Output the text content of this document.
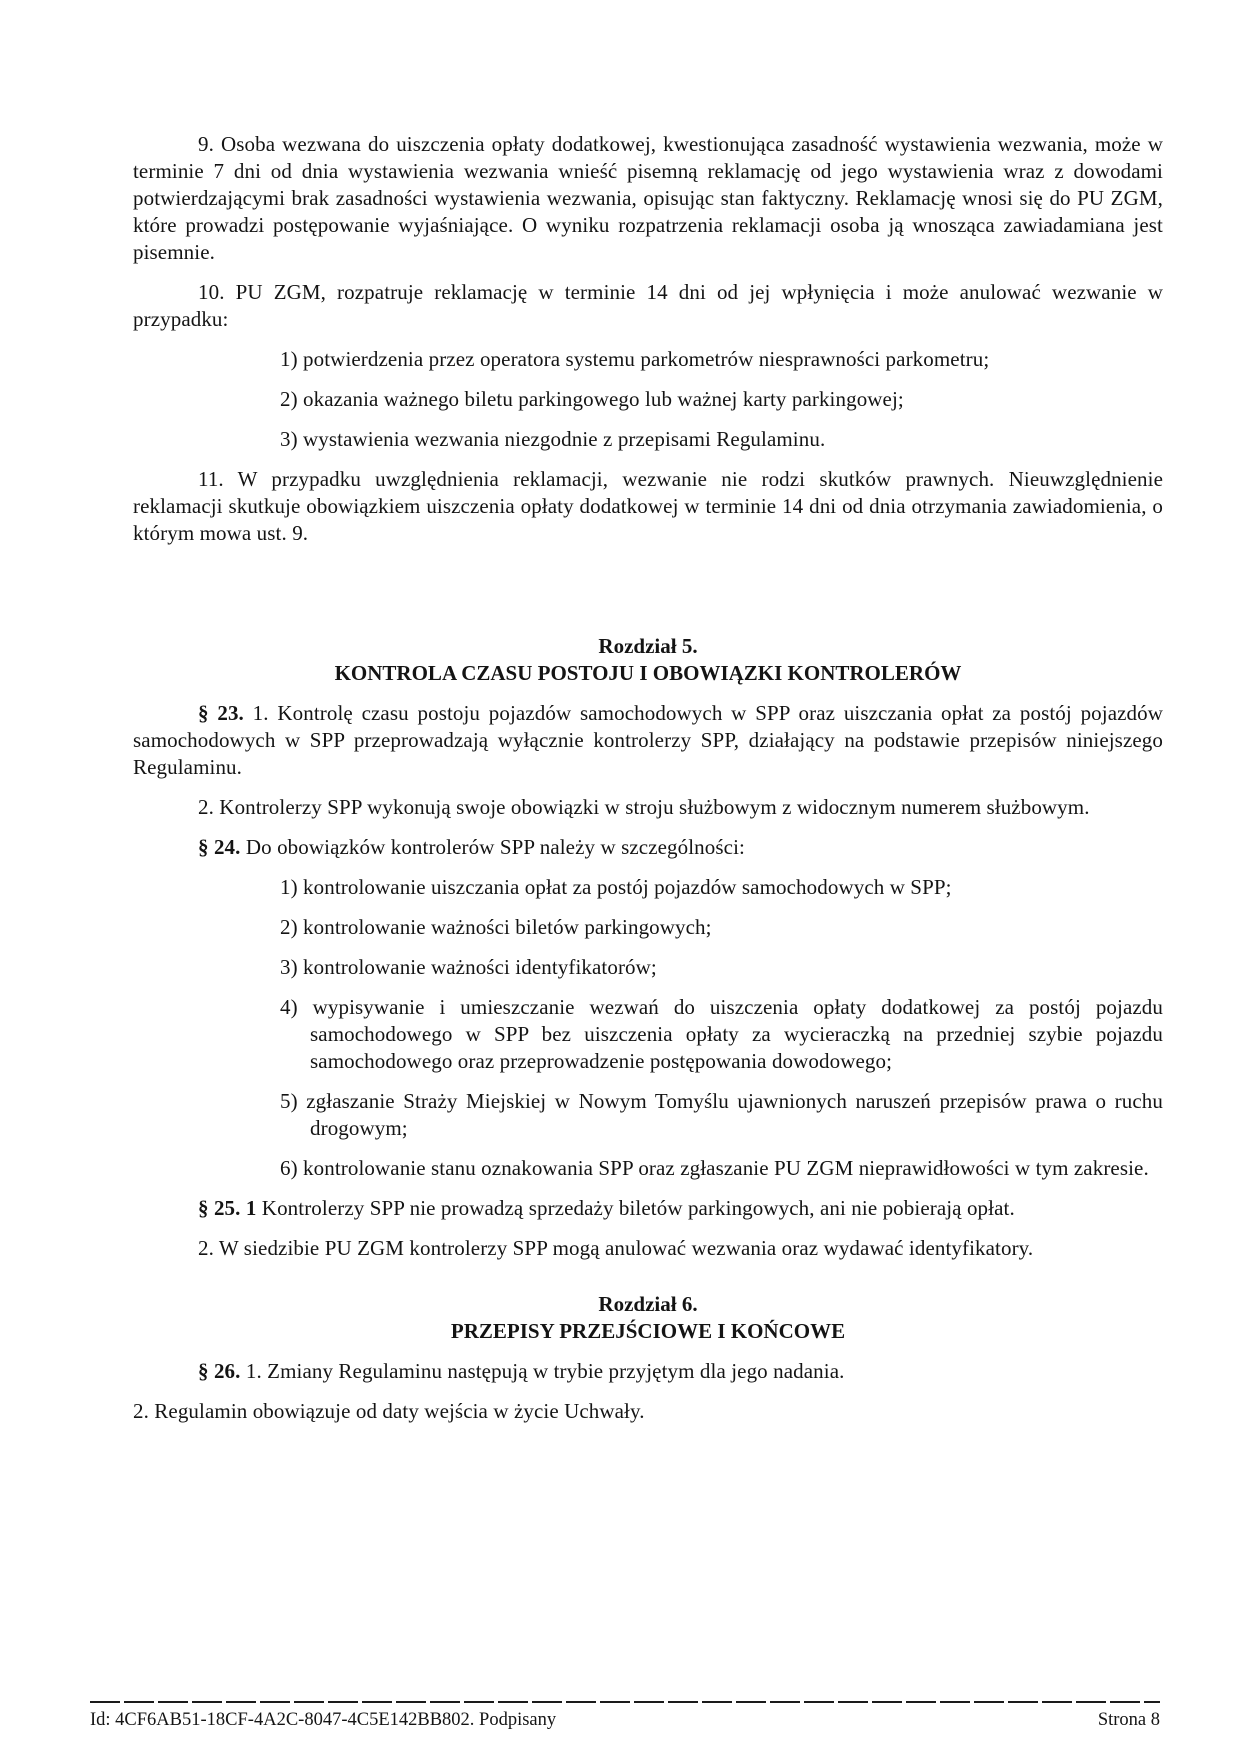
9. Osoba wezwana do uiszczenia opłaty dodatkowej, kwestionująca zasadność wystawienia wezwania, może w terminie 7 dni od dnia wystawienia wezwania wnieść pisemną reklamację od jego wystawienia wraz z dowodami potwierdzającymi brak zasadności wystawienia wezwania, opisując stan faktyczny. Reklamację wnosi się do PU ZGM, które prowadzi postępowanie wyjaśniające. O wyniku rozpatrzenia reklamacji osoba ją wnosząca zawiadamiana jest pisemnie.

10. PU ZGM, rozpatruje reklamację w terminie 14 dni od jej wpłynięcia i może anulować wezwanie w przypadku:

1) potwierdzenia przez operatora systemu parkometrów niesprawności parkometru;

2) okazania ważnego biletu parkingowego lub ważnej karty parkingowej;

3) wystawienia wezwania niezgodnie z przepisami Regulaminu.

11. W przypadku uwzględnienia reklamacji, wezwanie nie rodzi skutków prawnych. Nieuwzględnienie reklamacji skutkuje obowiązkiem uiszczenia opłaty dodatkowej w terminie 14 dni od dnia otrzymania zawiadomienia, o którym mowa ust. 9.

Rozdział 5.
KONTROLA CZASU POSTOJU I OBOWIĄZKI KONTROLERÓW

§ 23. 1. Kontrolę czasu postoju pojazdów samochodowych w SPP oraz uiszczania opłat za postój pojazdów samochodowych w SPP przeprowadzają wyłącznie kontrolerzy SPP, działający na podstawie przepisów niniejszego Regulaminu.

2. Kontrolerzy SPP wykonują swoje obowiązki w stroju służbowym z widocznym numerem służbowym.

§ 24. Do obowiązków kontrolerów SPP należy w szczególności:

1) kontrolowanie uiszczania opłat za postój pojazdów samochodowych w SPP;

2) kontrolowanie ważności biletów parkingowych;

3) kontrolowanie ważności identyfikatorów;

4) wypisywanie i umieszczanie wezwań do uiszczenia opłaty dodatkowej za postój pojazdu samochodowego w SPP bez uiszczenia opłaty za wycieraczką na przedniej szybie pojazdu samochodowego oraz przeprowadzenie postępowania dowodowego;

5) zgłaszanie Straży Miejskiej w Nowym Tomyślu ujawnionych naruszeń przepisów prawa o ruchu drogowym;

6) kontrolowanie stanu oznakowania SPP oraz zgłaszanie PU ZGM nieprawidłowości w tym zakresie.

§ 25. 1 Kontrolerzy SPP nie prowadzą sprzedaży biletów parkingowych, ani nie pobierają opłat.

2. W siedzibie PU ZGM kontrolerzy SPP mogą anulować wezwania oraz wydawać identyfikatory.

Rozdział 6.
PRZEPISY PRZEJŚCIOWE I KOŃCOWE

§ 26. 1. Zmiany Regulaminu następują w trybie przyjętym dla jego nadania.

2. Regulamin obowiązuje od daty wejścia w życie Uchwały.

Id: 4CF6AB51-18CF-4A2C-8047-4C5E142BB802. Podpisany	Strona 8
